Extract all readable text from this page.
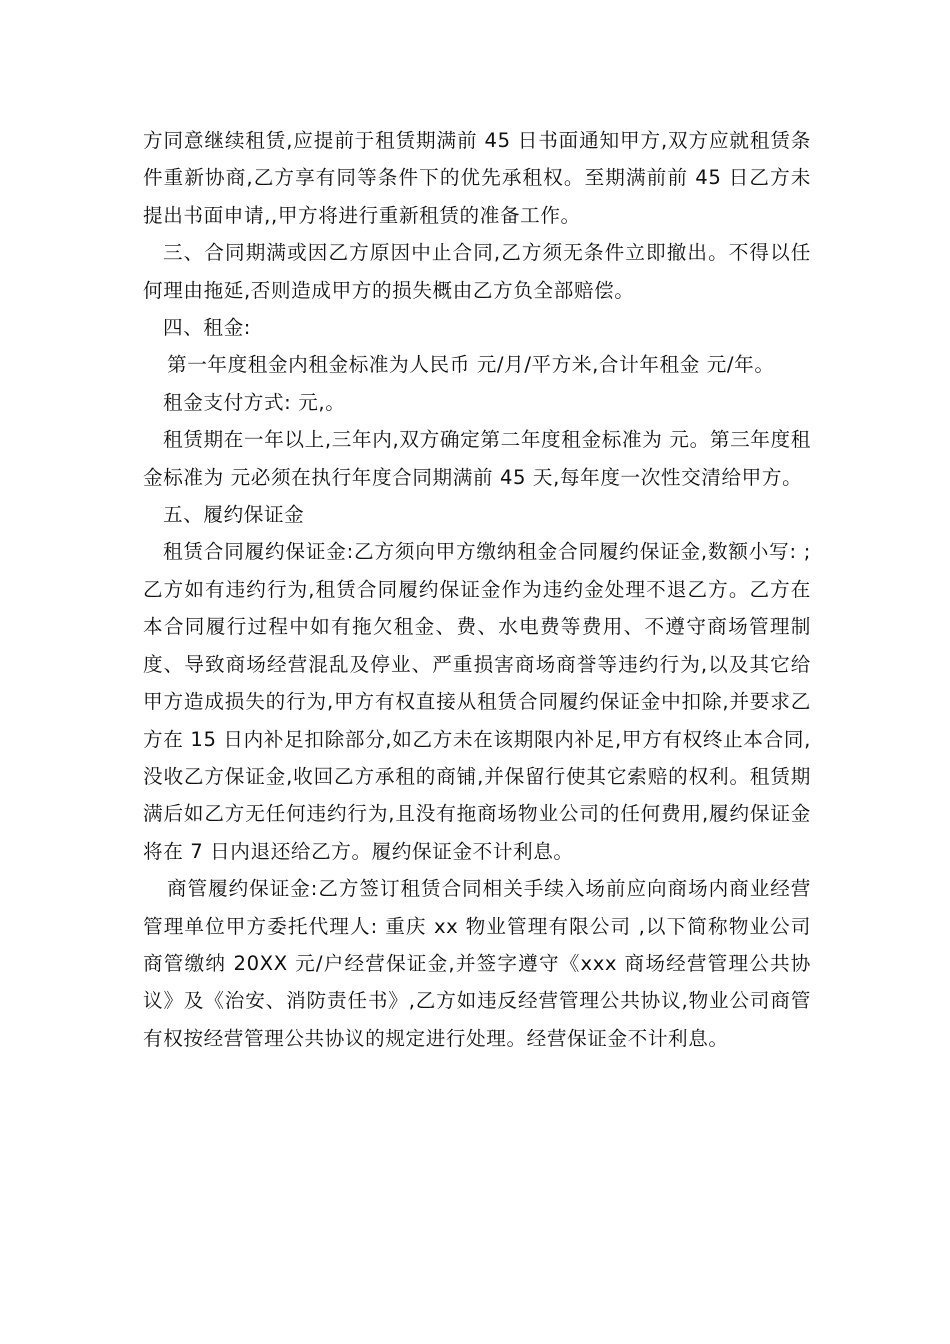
方同意继续租赁,应提前于租赁期满前 45 日书面通知甲方,双方应就租赁条件重新协商,乙方享有同等条件下的优先承租权。至期满前前 45 日乙方未提出书面申请,,甲方将进行重新租赁的准备工作。

三、合同期满或因乙方原因中止合同,乙方须无条件立即撤出。不得以任何理由拖延,否则造成甲方的损失概由乙方负全部赔偿。

四、租金:

第一年度租金内租金标准为人民币 元/月/平方米,合计年租金 元/年。

租金支付方式: 元,。

租赁期在一年以上,三年内,双方确定第二年度租金标准为 元。第三年度租金标准为 元必须在执行年度合同期满前 45 天,每年度一次性交清给甲方。

五、履约保证金

租赁合同履约保证金:乙方须向甲方缴纳租金合同履约保证金,数额小写: ;乙方如有违约行为,租赁合同履约保证金作为违约金处理不退乙方。乙方在本合同履行过程中如有拖欠租金、费、水电费等费用、不遵守商场管理制度、导致商场经营混乱及停业、严重损害商场商誉等违约行为,以及其它给甲方造成损失的行为,甲方有权直接从租赁合同履约保证金中扣除,并要求乙方在 15 日内补足扣除部分,如乙方未在该期限内补足,甲方有权终止本合同,没收乙方保证金,收回乙方承租的商铺,并保留行使其它索赔的权利。租赁期满后如乙方无任何违约行为,且没有拖商场物业公司的任何费用,履约保证金将在 7 日内退还给乙方。履约保证金不计利息。

商管履约保证金:乙方签订租赁合同相关手续入场前应向商场内商业经营管理单位甲方委托代理人: 重庆 xx 物业管理有限公司 ,以下简称物业公司商管缴纳 20XX 元/户经营保证金,并签字遵守《xxx 商场经营管理公共协议》及《治安、消防责任书》,乙方如违反经营管理公共协议,物业公司商管有权按经营管理公共协议的规定进行处理。经营保证金不计利息。
